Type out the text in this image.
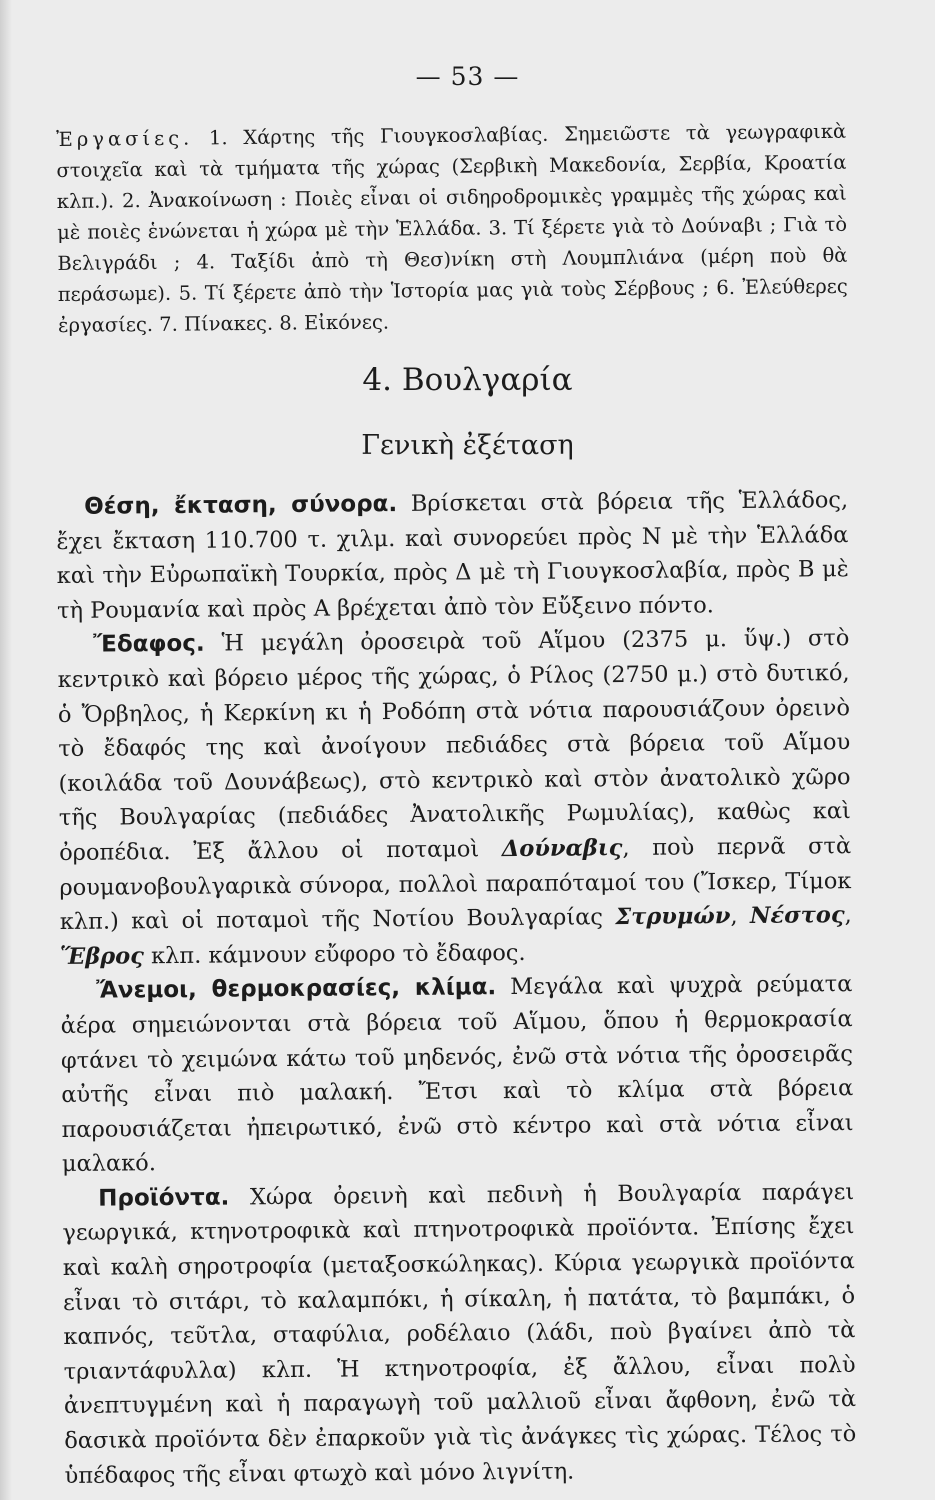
— 53 —
Ἐργασίες. 1. Χάρτης τῆς Γιουγκοσλαβίας. Σημειῶστε τὰ γεωγραφικὰ στοιχεῖα καὶ τὰ τμήματα τῆς χώρας (Σερβικὴ Μακεδονία, Σερβία, Κροατία κλπ.). 2. Ἀνακοίνωση : Ποιὲς εἶναι οἱ σιδηροδρομικὲς γραμμὲς τῆς χώρας καὶ μὲ ποιὲς ἑνώνεται ἡ χώρα μὲ τὴν Ἑλλάδα. 3. Τί ξέρετε γιὰ τὸ Δούναβι ; Γιὰ τὸ Βελιγράδι ; 4. Ταξίδι ἀπὸ τὴ Θεσ)νίκη στὴ Λουμπλιάνα (μέρη ποὺ θὰ περάσωμε). 5. Τί ξέρετε ἀπὸ τὴν Ἱστορία μας γιὰ τοὺς Σέρβους ; 6. Ἐλεύθερες ἐργασίες. 7. Πίνακες. 8. Εἰκόνες.
4. Βουλγαρία
Γενικὴ ἐξέταση

Θέση, ἔκταση, σύνορα. Βρίσκεται στὰ βόρεια τῆς Ἑλλάδος, ἔχει ἔκταση 110.700 τ. χιλμ. καὶ συνορεύει πρὸς Ν μὲ τὴν Ἑλλάδα καὶ τὴν Εὐρωπαϊκὴ Τουρκία, πρὸς Δ μὲ τὴ Γιουγκοσλαβία, πρὸς Β μὲ τὴ Ρουμανία καὶ πρὸς Α βρέχεται ἀπὸ τὸν Εὔξεινο πόντο.

Ἔδαφος. Ἡ μεγάλη ὀροσειρὰ τοῦ Αἵμου (2375 μ. ὕψ.) στὸ κεντρικὸ καὶ βόρειο μέρος τῆς χώρας, ὁ Ρίλος (2750 μ.) στὸ δυτικό, ὁ Ὄρβηλος, ἡ Κερκίνη κι ἡ Ροδόπη στὰ νότια παρουσιάζουν ὀρεινὸ τὸ ἔδαφός της καὶ ἀνοίγουν πεδιάδες στὰ βόρεια τοῦ Αἵμου (κοιλάδα τοῦ Δουνάβεως), στὸ κεντρικὸ καὶ στὸν ἀνατολικὸ χῶρο τῆς Βουλγαρίας (πεδιάδες Ἀνατολικῆς Ρωμυλίας), καθὼς καὶ ὀροπέδια. Ἐξ ἄλλου οἱ ποταμοὶ Δούναβις, ποὺ περνᾶ στὰ ρουμανοβουλγαρικὰ σύνορα, πολλοὶ παραπόταμοί του (Ἴσκερ, Τίμοκ κλπ.) καὶ οἱ ποταμοὶ τῆς Νοτίου Βουλγαρίας Στρυμών, Νέστος, Ἕβρος κλπ. κάμνουν εὔφορο τὸ ἔδαφος.

Ἄνεμοι, θερμοκρασίες, κλίμα. Μεγάλα καὶ ψυχρὰ ρεύματα ἀέρα σημειώνονται στὰ βόρεια τοῦ Αἵμου, ὅπου ἡ θερμοκρασία φτάνει τὸ χειμώνα κάτω τοῦ μηδενός, ἐνῶ στὰ νότια τῆς ὀροσειρᾶς αὐτῆς εἶναι πιὸ μαλακή. Ἔτσι καὶ τὸ κλίμα στὰ βόρεια παρουσιάζεται ἠπειρωτικό, ἐνῶ στὸ κέντρο καὶ στὰ νότια εἶναι μαλακό.

Προϊόντα. Χώρα ὀρεινὴ καὶ πεδινὴ ἡ Βουλγαρία παράγει γεωργικά, κτηνοτροφικὰ καὶ πτηνοτροφικὰ προϊόντα. Ἐπίσης ἔχει καὶ καλὴ σηροτροφία (μεταξοσκώληκας). Κύρια γεωργικὰ προϊόντα εἶναι τὸ σιτάρι, τὸ καλαμπόκι, ἡ σίκαλη, ἡ πατάτα, τὸ βαμπάκι, ὁ καπνός, τεῦτλα, σταφύλια, ροδέλαιο (λάδι, ποὺ βγαίνει ἀπὸ τὰ τριαντάφυλλα) κλπ. Ἡ κτηνοτροφία, ἐξ ἄλλου, εἶναι πολὺ ἀνεπτυγμένη καὶ ἡ παραγωγὴ τοῦ μαλλιοῦ εἶναι ἄφθονη, ἐνῶ τὰ δασικὰ προϊόντα δὲν ἐπαρκοῦν γιὰ τὶς ἀνάγκες τὶς χώρας. Τέλος τὸ ὑπέδαφος τῆς εἶναι φτωχὸ καὶ μόνο λιγνίτη.
